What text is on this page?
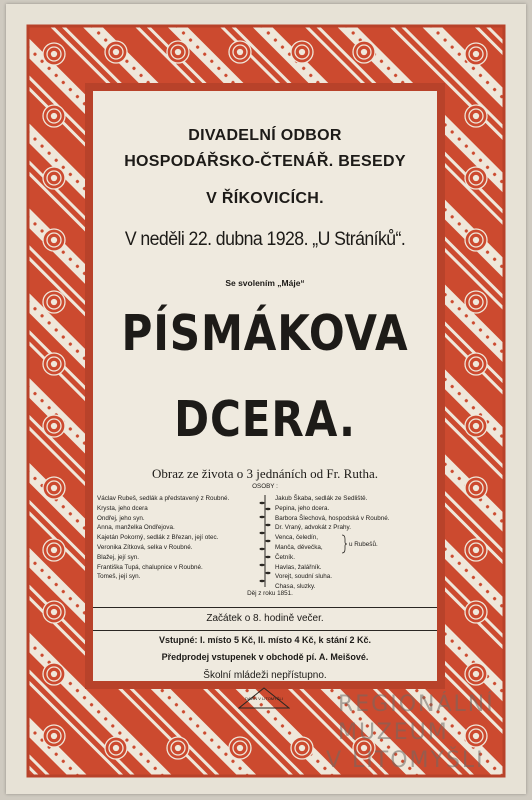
DIVADELNÍ ODBOR
HOSPODÁŘSKO-ČTENÁŘ. BESEDY
V ŘÍKOVICÍCH.
V neděli 22. dubna 1928. „U Stráníků“.
Se svolením „Máje“
PÍSMÁKOVA
DCERA.
Obraz ze života o 3 jednáních od Fr. Rutha.
OSOBY :
Václav Rubeš, sedlák a představený z Roubné.
Krysta, jeho dcera
Ondřej, jeho syn.
Anna, manželka Ondřejova.
Kajetán Pokorný, sedlák z Březan, její otec.
Veronika Zítková, selka v Roubné.
Blažej, její syn.
Františka Tupá, chalupnice v Roubné.
Tomeš, její syn.
Jakub Škaba, sedlák ze Sedliště.
Pepina, jeho dcera.
Barbora Šlechová, hospodská v Roubné.
Dr. Vraný, advokát z Prahy.
Venca, čeledín,
Manča, děvečka,
Četník.
Havlas, žalářník.
Vorejt, soudní sluha.
Chasa, sluzky.
u Rubešů.
Děj z roku 1851.
Začátek o 8. hodině večer.
Vstupné: I. místo 5 Kč, II. místo 4 Kč, k stání 2 Kč.
Předprodej vstupenek v obchodě pí. A. Meišové.
Školní mládeži nepřístupno.
DAVIN V LITOMYŠLI	REGIONÁLNÍ
MUZEUM
V LITOMYŠLI
